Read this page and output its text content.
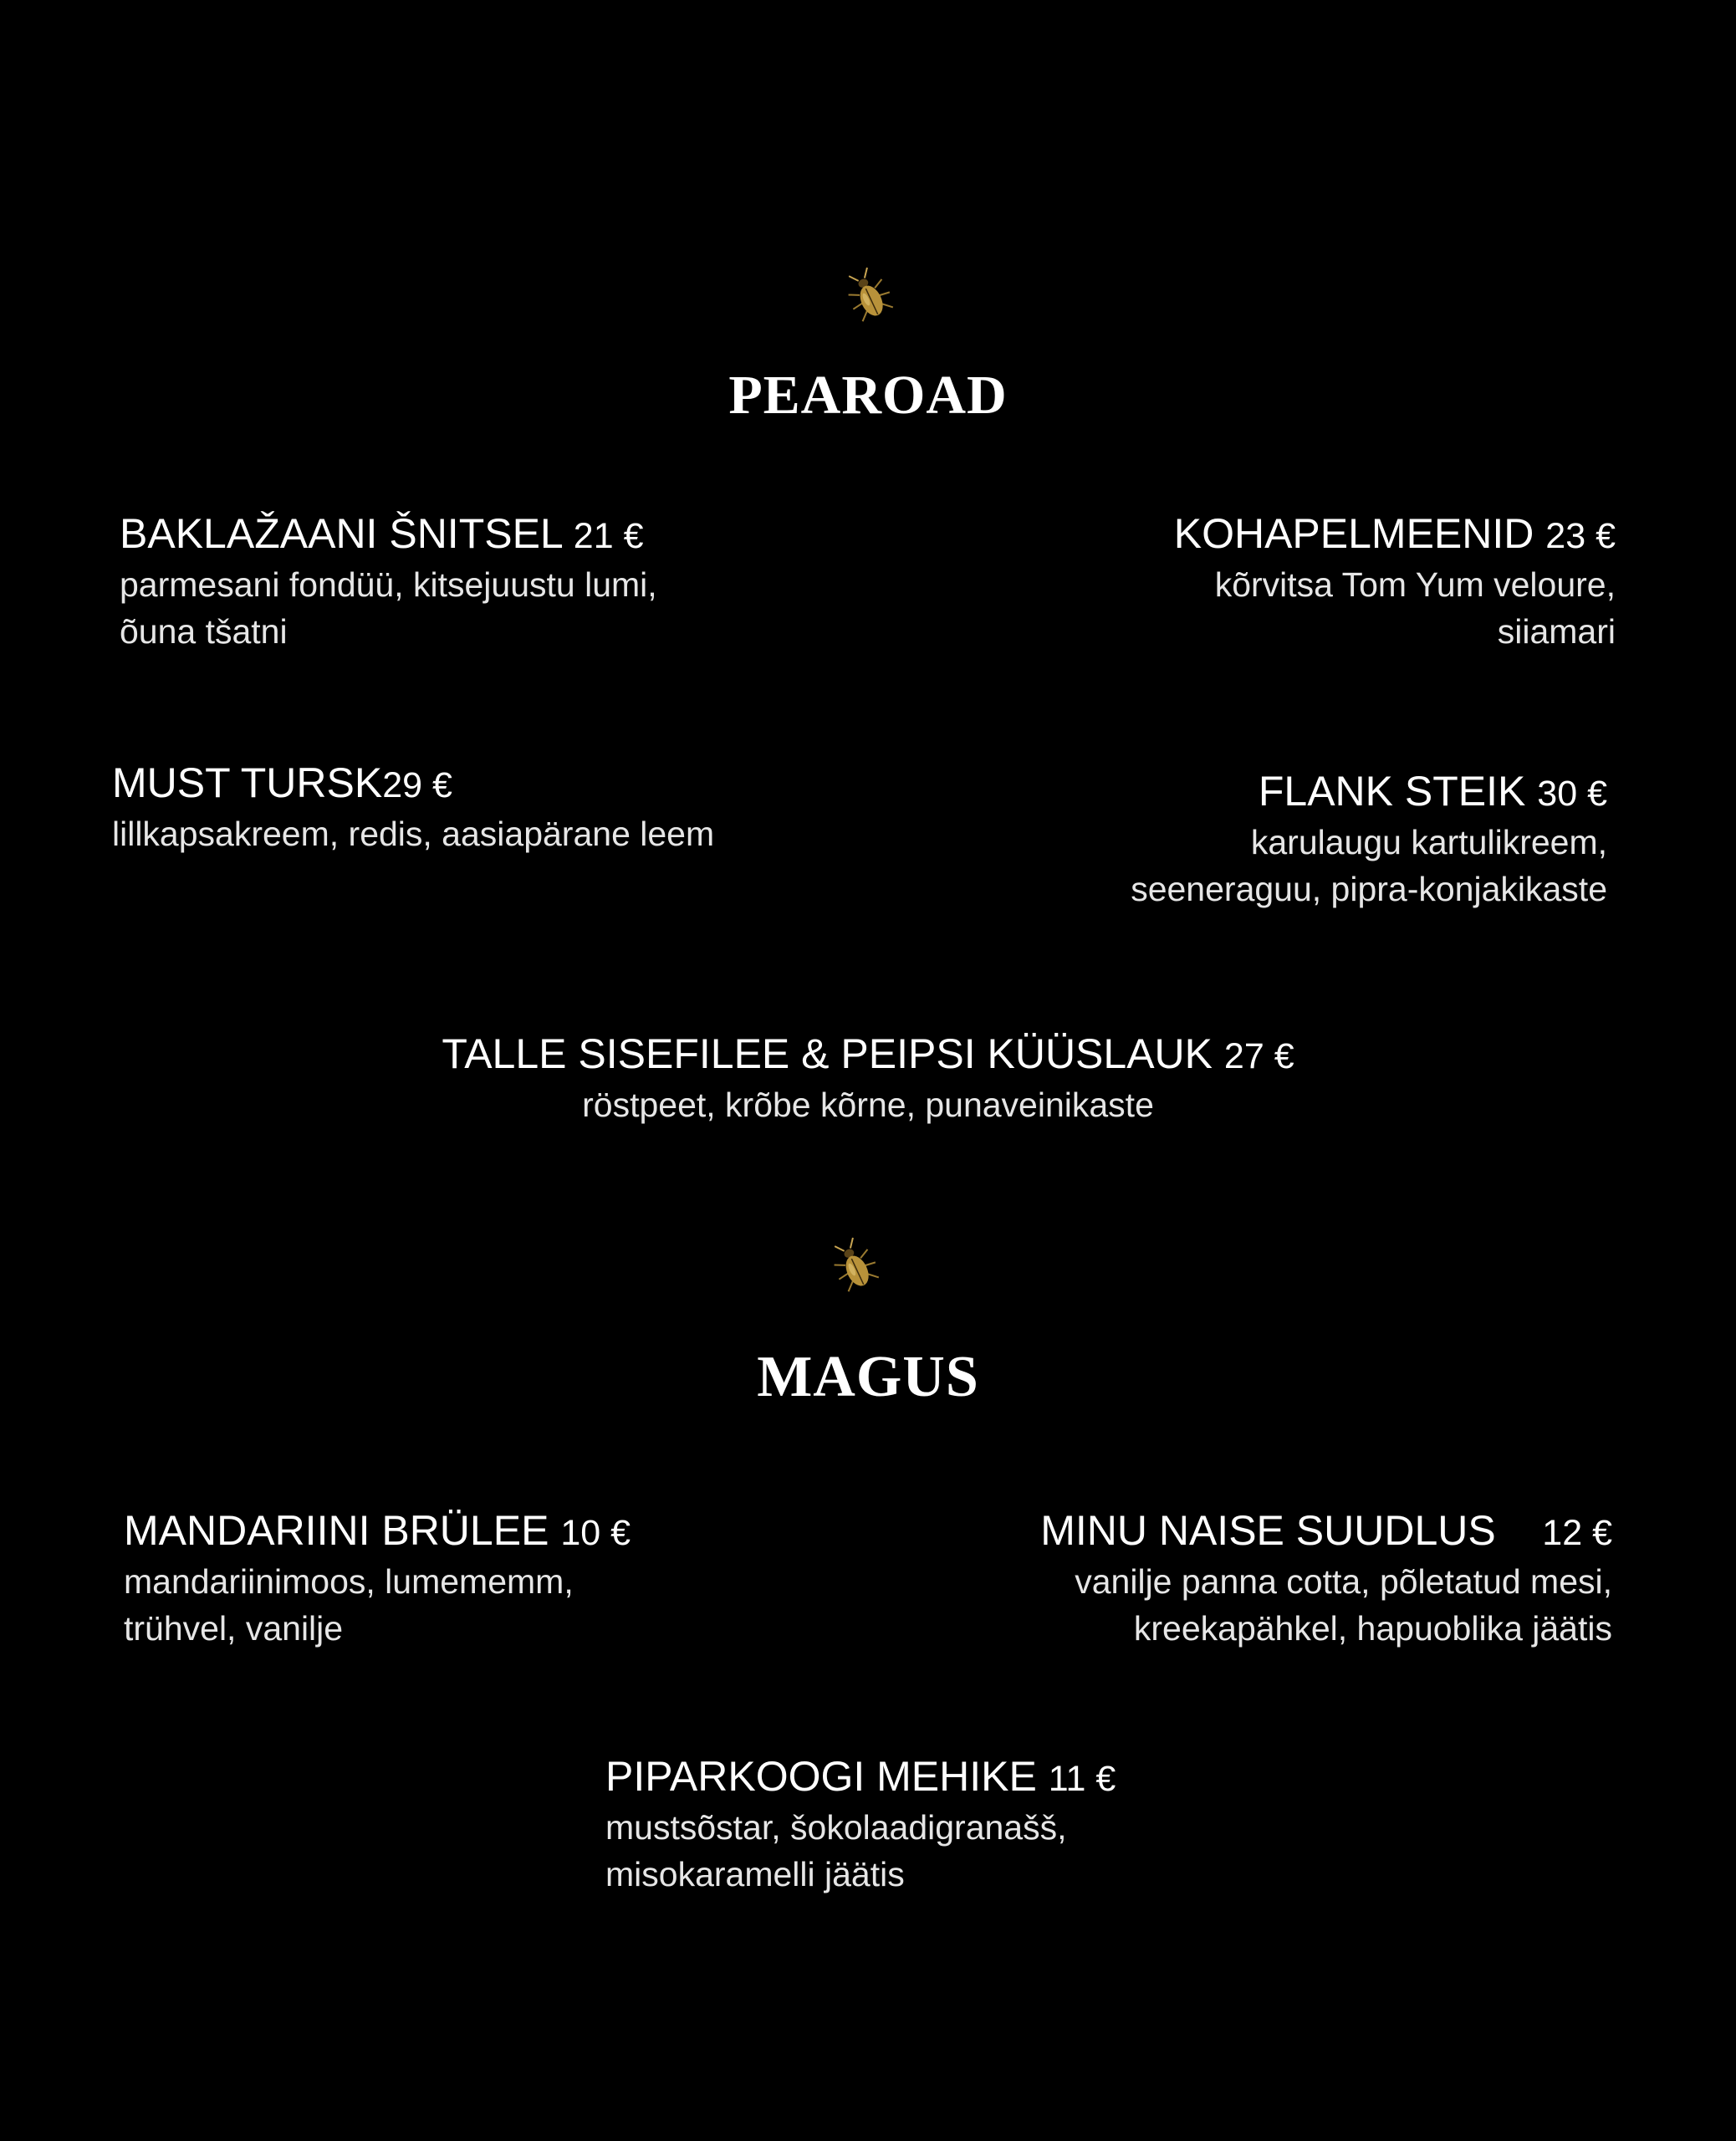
PEAROAD
BAKLAŽAANI ŠNITSEL 21 €
parmesani fondüü, kitsejuustu lumi,
õuna tšatni
KOHAPELMEENID 23 €
kõrvitsa Tom Yum veloure,
siiamari
MUST TURSK29 €
lillkapsakreem, redis, aasiapärane leem
FLANK STEIK 30 €
karulaugu kartulikreem,
seeneraguu, pipra-konjakikaste
TALLE SISEFILEE & PEIPSI KÜÜSLAUK 27 €
röstpeet, krõbe kõrne, punaveinikaste
MAGUS
MANDARIINI BRÜLEE 10 €
mandariinimoos, lumememm,
trühvel, vanilje
MINU NAISE SUUDLUS 12 €
vanilje panna cotta, põletatud mesi,
kreekapähkel, hapuoblika jäätis
PIPARKOOGI MEHIKE 11 €
mustsõstar, šokolaadigranašš,
misokaramelli jäätis
